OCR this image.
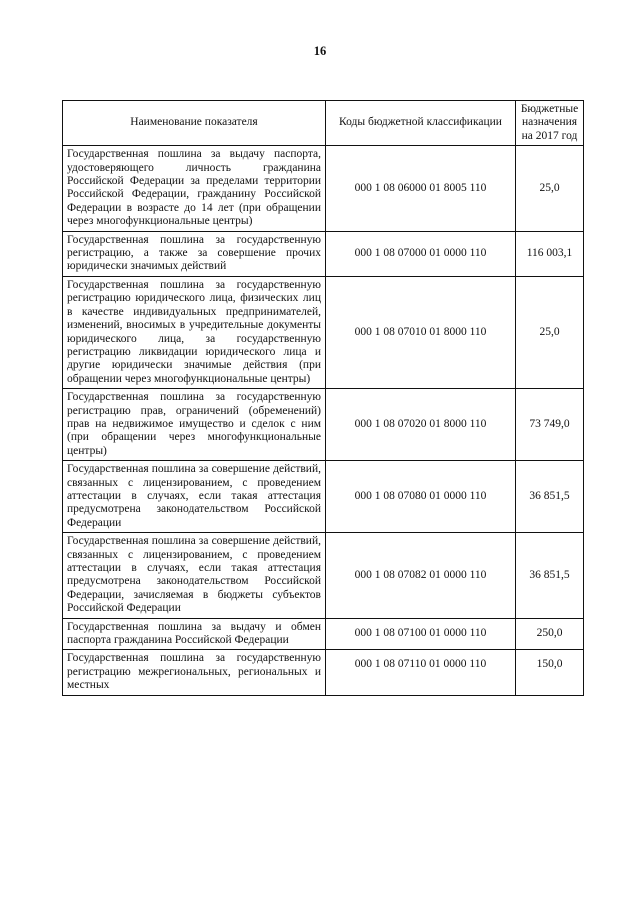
16
Наименование показателя	Коды бюджетной классификации	Бюджетные назначения на 2017 год
Государственная пошлина за выдачу паспорта, удостоверяющего личность гражданина Российской Федерации за пределами территории Российской Федерации, гражданину Российской Федерации в возрасте до 14 лет (при обращении через многофункциональные центры)	000 1 08 06000 01 8005 110	25,0
Государственная пошлина за государственную регистрацию, а также за совершение прочих юридически значимых действий	000 1 08 07000 01 0000 110	116 003,1
Государственная пошлина за государственную регистрацию юридического лица, физических лиц в качестве индивидуальных предпринимателей, изменений, вносимых в учредительные документы юридического лица, за государственную регистрацию ликвидации юридического лица и другие юридически значимые действия (при обращении через многофункциональные центры)	000 1 08 07010 01 8000 110	25,0
Государственная пошлина за государственную регистрацию прав, ограничений (обременений) прав на недвижимое имущество и сделок с ним (при обращении через многофункциональные центры)	000 1 08 07020 01 8000 110	73 749,0
Государственная пошлина за совершение действий, связанных с лицензированием, с проведением аттестации в случаях, если такая аттестация предусмотрена законодательством Российской Федерации	000 1 08 07080 01 0000 110	36 851,5
Государственная пошлина за совершение действий, связанных с лицензированием, с проведением аттестации в случаях, если такая аттестация предусмотрена законодательством Российской Федерации, зачисляемая в бюджеты субъектов Российской Федерации	000 1 08 07082 01 0000 110	36 851,5
Государственная пошлина за выдачу и обмен паспорта гражданина Российской Федерации	000 1 08 07100 01 0000 110	250,0
Государственная пошлина за государственную регистрацию межрегиональных, региональных и местных	000 1 08 07110 01 0000 110	150,0
